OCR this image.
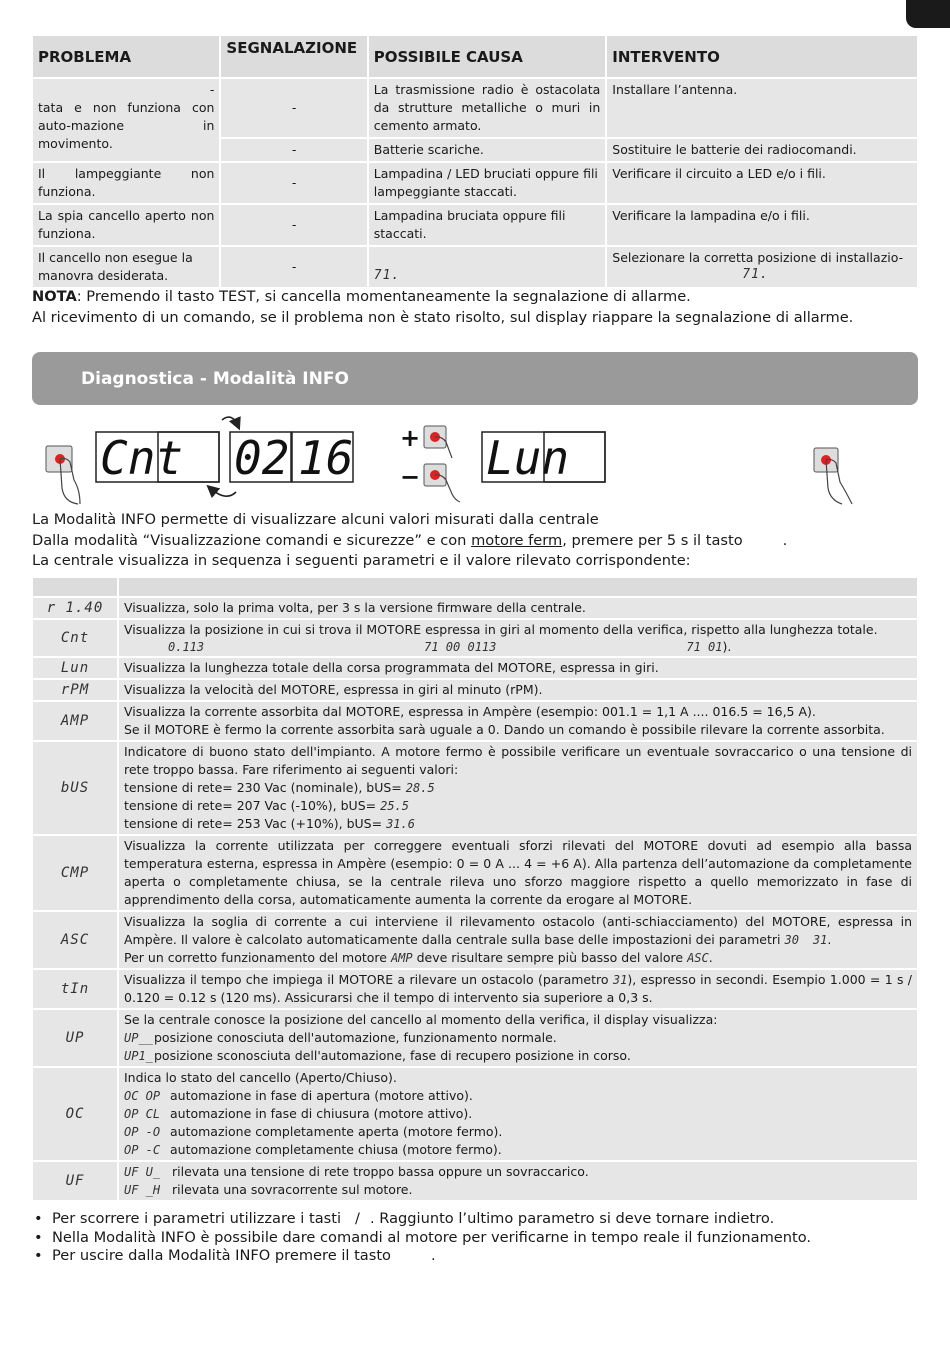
PROBLEMA	SEGNALAZIONE	POSSIBILE CAUSA	INTERVENTO

-
tata e non funziona con auto-mazione in movimento.	-	La trasmissione radio è ostacolata da strutture metalliche o muri in cemento armato.	Installare l’antenna.
	-	Batterie scariche.	Sostituire le batterie dei radiocomandi.
Il lampeggiante non funziona.	-	Lampadina / LED bruciati oppure fili lampeggiante staccati.	Verificare il circuito a LED e/o i fili.
La spia cancello aperto non funziona.	-	Lampadina bruciata oppure fili staccati.	Verificare la lampadina e/o i fili.
Il cancello non esegue la manovra desiderata.	-	71.	Selezionare la corretta posizione di installazio-
71.
NOTA: Premendo il tasto TEST, si cancella momentaneamente la segnalazione di allarme.
Al ricevimento di un comando, se il problema non è stato risolto, sul display riappare la segnalazione di allarme.
Diagnostica - Modalità INFO
Cnt 02 16 +
− Lun
La Modalità INFO permette di visualizzare alcuni valori misurati dalla centrale
Dalla modalità “Visualizzazione comandi e sicurezze” e con motore ferm, premere per 5 s il tasto	.
La centrale visualizza in sequenza i seguenti parametri e il valore rilevato corrispondente:

r 1.40	Visualizza, solo la prima volta, per 3 s la versione firmware della centrale.
Cnt	Visualizza la posizione in cui si trova il MOTORE espressa in giri al momento della verifica, rispetto alla lunghezza totale.
0.113 71 00 0113 71 01).

Lun	Visualizza la lunghezza totale della corsa programmata del MOTORE, espressa in giri.
rPM	Visualizza la velocità del MOTORE, espressa in giri al minuto (rPM).
AMP	Visualizza la corrente assorbita dal MOTORE, espressa in Ampère (esempio: 001.1 = 1,1 A .... 016.5 = 16,5 A).
Se il MOTORE è fermo la corrente assorbita sarà uguale a 0. Dando un comando è possibile rilevare la corrente assorbita.

bUS	Indicatore di buono stato dell'impianto. A motore fermo è possibile verificare un eventuale sovraccarico o una tensione di rete troppo bassa. Fare riferimento ai seguenti valori:
tensione di rete= 230 Vac (nominale), bUS= 28.5
tensione di rete= 207 Vac (-10%), bUS= 25.5
tensione di rete= 253 Vac (+10%), bUS= 31.6

CMP	Visualizza la corrente utilizzata per correggere eventuali sforzi rilevati del MOTORE dovuti ad esempio alla bassa temperatura esterna, espressa in Ampère (esempio: 0 = 0 A ... 4 = +6 A). Alla partenza dell’automazione da completamente aperta o completamente chiusa, se la centrale rileva uno sforzo maggiore rispetto a quello memorizzato in fase di apprendimento della corsa, automaticamente aumenta la corrente da erogare al MOTORE.
ASC	Visualizza la soglia di corrente a cui interviene il rilevamento ostacolo (anti-schiacciamento) del MOTORE, espressa in Ampère. Il valore è calcolato automaticamente dalla centrale sulla base delle impostazioni dei parametri 30 31.
Per un corretto funzionamento del motore AMP deve risultare sempre più basso del valore ASC.

tIn	Visualizza il tempo che impiega il MOTORE a rilevare un ostacolo (parametro 31), espresso in secondi. Esempio 1.000 = 1 s / 0.120 = 0.12 s (120 ms). Assicurarsi che il tempo di intervento sia superiore a 0,3 s.
UP	Se la centrale conosce la posizione del cancello al momento della verifica, il display visualizza:
UP__posizione conosciuta dell'automazione, funzionamento normale.
UP1_posizione sconosciuta dell'automazione, fase di recupero posizione in corso.

OC	Indica lo stato del cancello (Aperto/Chiuso).
OC OP automazione in fase di apertura (motore attivo).
OP CL automazione in fase di chiusura (motore attivo).
OP -O automazione completamente aperta (motore fermo).
OP -C automazione completamente chiusa (motore fermo).

UF	UF U_ rilevata una tensione di rete troppo bassa oppure un sovraccarico.
UF _H rilevata una sovracorrente sul motore.
• Per scorrere i parametri utilizzare i tasti / . Raggiunto l’ultimo parametro si deve tornare indietro.
• Nella Modalità INFO è possibile dare comandi al motore per verificarne in tempo reale il funzionamento.
• Per uscire dalla Modalità INFO premere il tasto	.
